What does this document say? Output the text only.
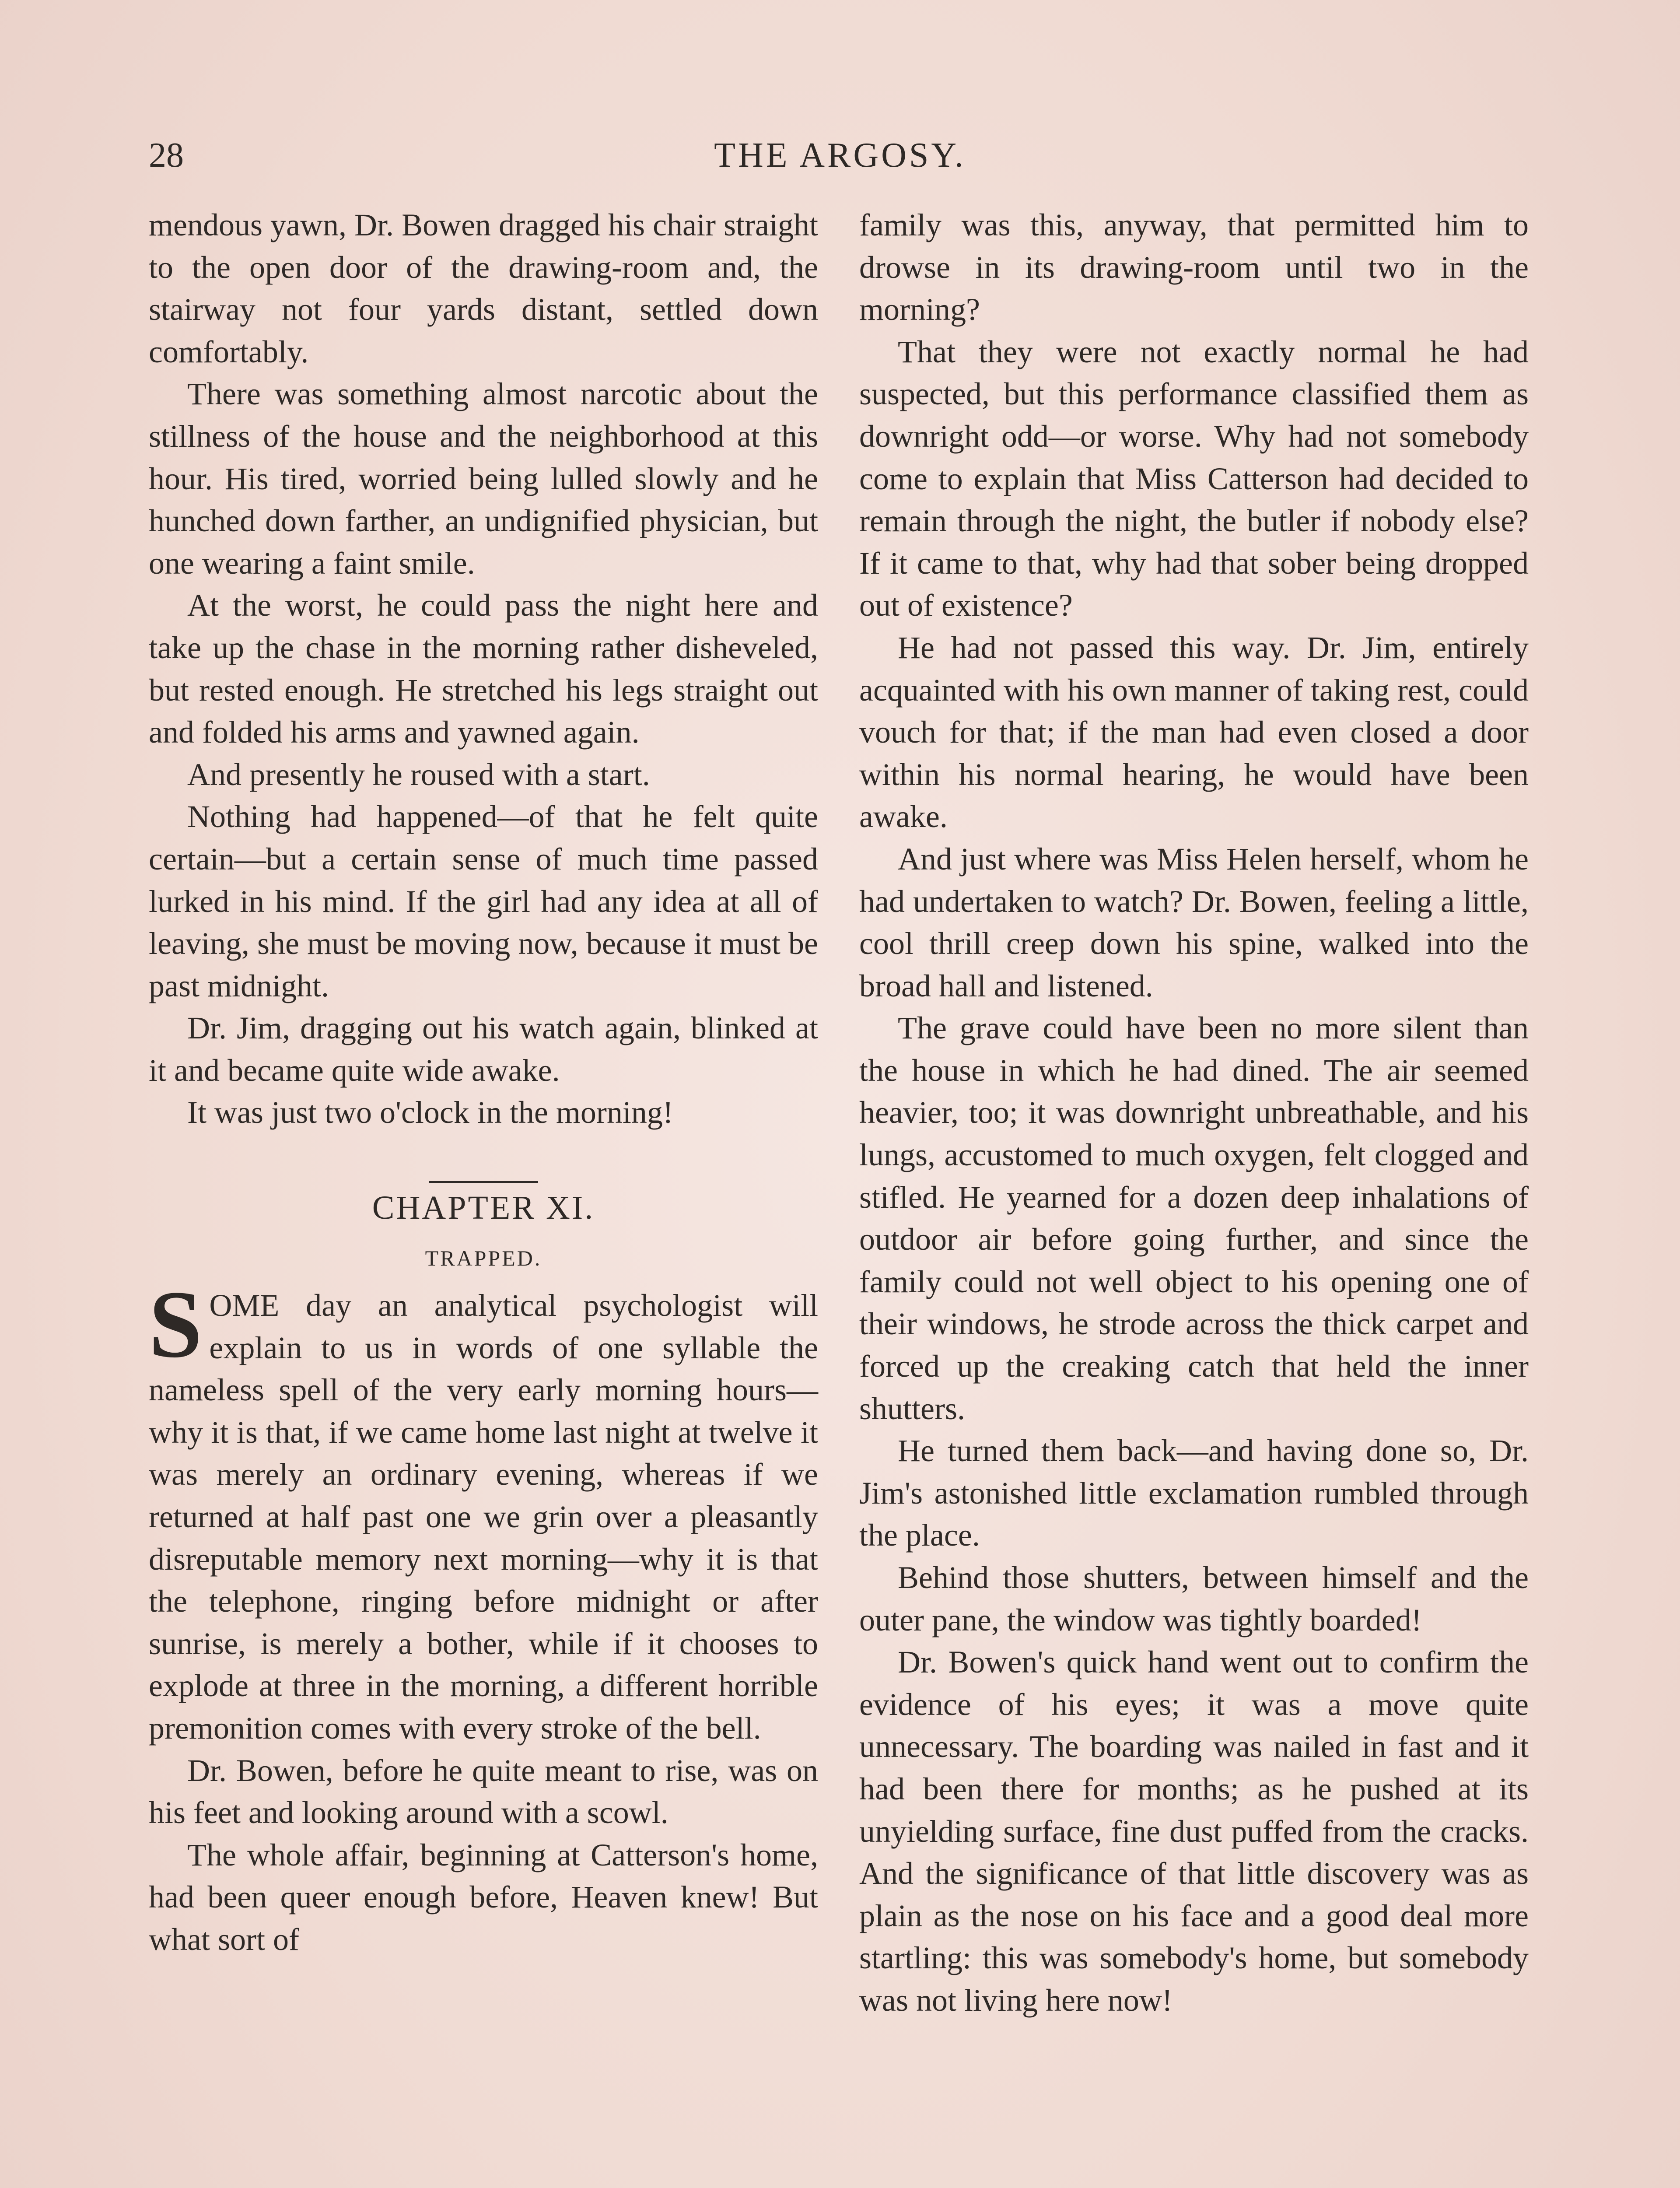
28	THE ARGOSY.

mendous yawn, Dr. Bowen dragged his chair straight to the open door of the drawing-room and, the stairway not four yards distant, settled down comfortably.

There was something almost narcotic about the stillness of the house and the neighborhood at this hour. His tired, worried being lulled slowly and he hunched down farther, an undignified physician, but one wearing a faint smile.

At the worst, he could pass the night here and take up the chase in the morning rather disheveled, but rested enough. He stretched his legs straight out and folded his arms and yawned again.

And presently he roused with a start.

Nothing had happened—of that he felt quite certain—but a certain sense of much time passed lurked in his mind. If the girl had any idea at all of leaving, she must be moving now, because it must be past midnight.

Dr. Jim, dragging out his watch again, blinked at it and became quite wide awake.

It was just two o'clock in the morning!

CHAPTER XI.
TRAPPED.

SOME day an analytical psychologist will explain to us in words of one syllable the nameless spell of the very early morning hours—why it is that, if we came home last night at twelve it was merely an ordinary evening, whereas if we returned at half past one we grin over a pleasantly disreputable memory next morning—why it is that the telephone, ringing before midnight or after sunrise, is merely a bother, while if it chooses to explode at three in the morning, a different horrible premonition comes with every stroke of the bell.

Dr. Bowen, before he quite meant to rise, was on his feet and looking around with a scowl.

The whole affair, beginning at Catterson's home, had been queer enough before, Heaven knew! But what sort of

family was this, anyway, that permitted him to drowse in its drawing-room until two in the morning?

That they were not exactly normal he had suspected, but this performance classified them as downright odd—or worse. Why had not somebody come to explain that Miss Catterson had decided to remain through the night, the butler if nobody else? If it came to that, why had that sober being dropped out of existence?

He had not passed this way. Dr. Jim, entirely acquainted with his own manner of taking rest, could vouch for that; if the man had even closed a door within his normal hearing, he would have been awake.

And just where was Miss Helen herself, whom he had undertaken to watch? Dr. Bowen, feeling a little, cool thrill creep down his spine, walked into the broad hall and listened.

The grave could have been no more silent than the house in which he had dined. The air seemed heavier, too; it was downright unbreathable, and his lungs, accustomed to much oxygen, felt clogged and stifled. He yearned for a dozen deep inhalations of outdoor air before going further, and since the family could not well object to his opening one of their windows, he strode across the thick carpet and forced up the creaking catch that held the inner shutters.

He turned them back—and having done so, Dr. Jim's astonished little exclamation rumbled through the place.

Behind those shutters, between himself and the outer pane, the window was tightly boarded!

Dr. Bowen's quick hand went out to confirm the evidence of his eyes; it was a move quite unnecessary. The boarding was nailed in fast and it had been there for months; as he pushed at its unyielding surface, fine dust puffed from the cracks. And the significance of that little discovery was as plain as the nose on his face and a good deal more startling: this was somebody's home, but somebody was not living here now!
